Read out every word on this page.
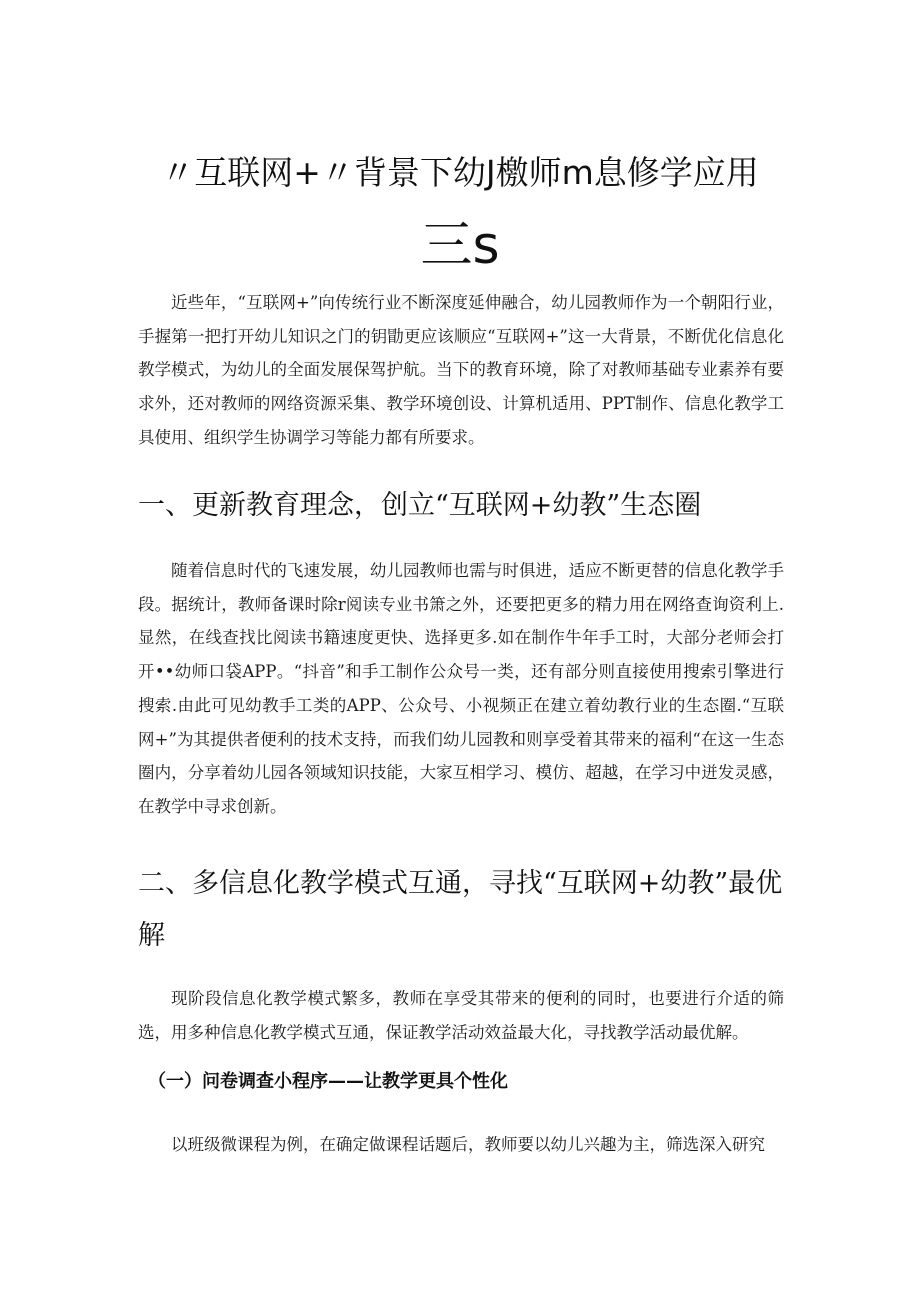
〃互联网+〃背景下幼J檄师m息修学应用
三s

近些年，“互联网+”向传统行业不断深度延伸融合，幼儿园教师作为一个朝阳行业，手握第一把打开幼儿知识之门的钥勖更应该顺应“互联网+”这一大背景，不断优化信息化教学模式，为幼儿的全面发展保驾护航。当下的教育环境，除了对教师基础专业素养有要求外，还对教师的网络资源采集、教学环境创设、计算机适用、PPT制作、信息化教学工具使用、组织学生协调学习等能力都有所要求。

一、更新教育理念，创立“互联网+幼教”生态圈

随着信息时代的飞速发展，幼儿园教师也需与时俱进，适应不断更替的信息化教学手段。据统计，教师备课时除r阅读专业书箫之外，还要把更多的精力用在网络查询资利上.显然，在线查找比阅读书籍速度更快、选择更多.如在制作牛年手工时，大部分老师会打开••幼师口袋APP。“抖音”和手工制作公众号一类，还有部分则直接使用搜索引擎进行搜索.由此可见幼教手工类的APP、公众号、小视频正在建立着幼教行业的生态圈.“互联网+”为其提供者便利的技术支持，而我们幼儿园教和则享受着其带来的福利“在这一生态圈内，分享着幼儿园各领域知识技能，大家互相学习、模仿、超越，在学习中迸发灵感，在教学中寻求创新。

二、多信息化教学模式互通，寻找“互联网+幼教”最优解

现阶段信息化教学模式繁多，教师在享受其带来的便利的同时，也要进行介适的筛选，用多种信息化教学模式互通，保证教学活动效益最大化，寻找教学活动最优解。

（一）问卷调查小程序——让教学更具个性化

以班级微课程为例，在确定做课程话题后，教师要以幼儿兴趣为主，筛选深入研究
